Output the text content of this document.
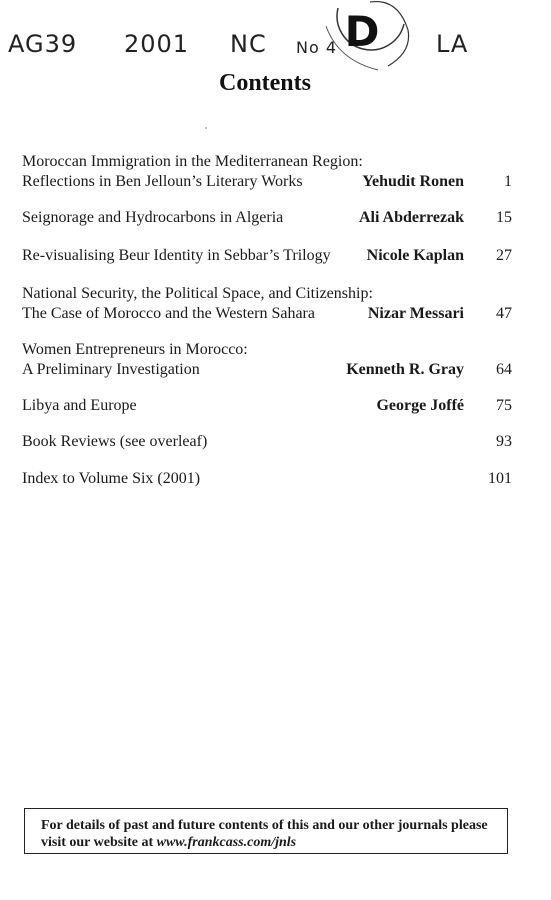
AG39 2001 NC No 4	LA
D
Contents
Moroccan Immigration in the Mediterranean Region:
Reflections in Ben Jelloun’s Literary Works	Yehudit Ronen	1
Seignorage and Hydrocarbons in Algeria	Ali Abderrezak	15
Re-visualising Beur Identity in Sebbar’s Trilogy	Nicole Kaplan	27
National Security, the Political Space, and Citizenship:
The Case of Morocco and the Western Sahara	Nizar Messari	47
Women Entrepreneurs in Morocco:
A Preliminary Investigation	Kenneth R. Gray	64
Libya and Europe	George Joffé	75
Book Reviews (see overleaf)	93
Index to Volume Six (2001)	101
For details of past and future contents of this and our other journals please
visit our website at www.frankcass.com/jnls
